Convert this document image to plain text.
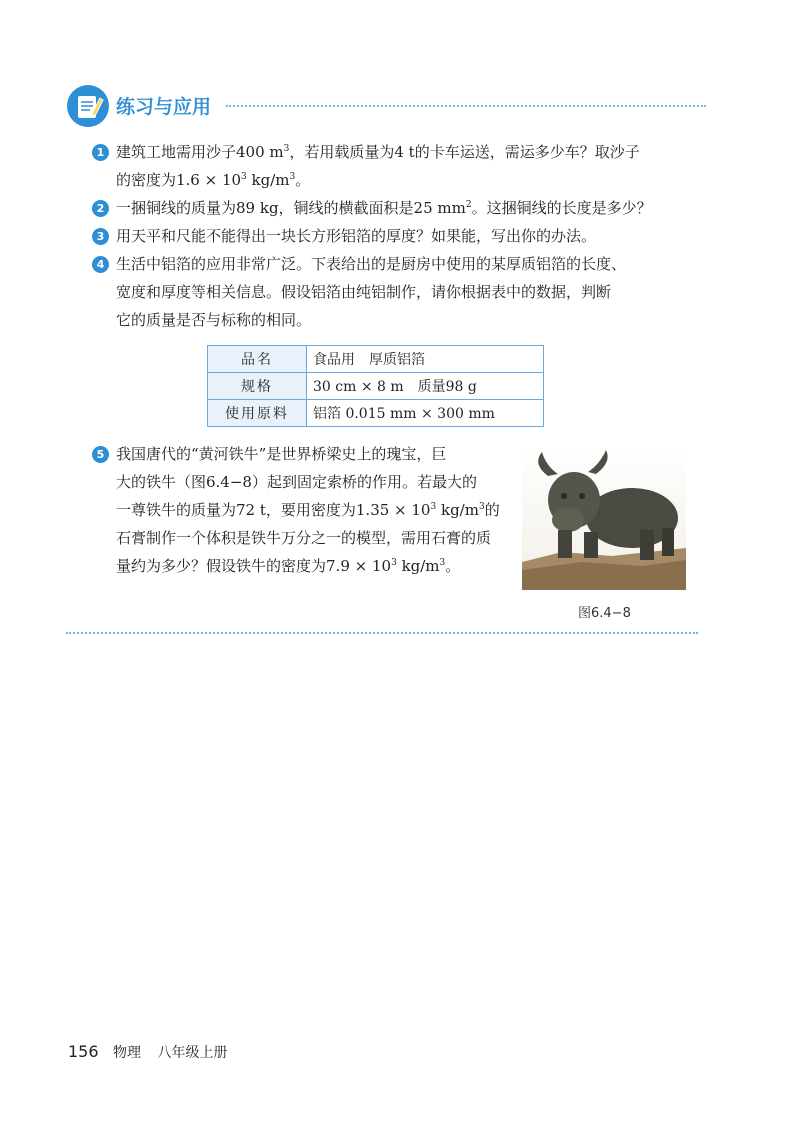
练习与应用
1 建筑工地需用沙子400 $m^3$，若用载质量为4 t的卡车运送，需运多少车？取沙子
的密度为$1.6 \times 10^3$ $kg/m^3$。
2 一捆铜线的质量为89 kg，铜线的横截面积是25 $mm^2$。这捆铜线的长度是多少？
3 用天平和尺能不能得出一块长方形铝箔的厚度？如果能，写出你的办法。
4 生活中铝箔的应用非常广泛。下表给出的是厨房中使用的某厚质铝箔的长度、
宽度和厚度等相关信息。假设铝箔由纯铝制作，请你根据表中的数据，判断
它的质量是否与标称的相同。
品名	食品用　厚质铝箔
规格	30 cm × 8 m　质量98 g
使用原料	铝箔 0.015 mm × 300 mm
5 我国唐代的“黄河铁牛”是世界桥梁史上的瑰宝，巨
大的铁牛（图6.4−8）起到固定索桥的作用。若最大的
一尊铁牛的质量为72 t，要用密度为$1.35 \times 10^3$ $kg/m^3$的
石膏制作一个体积是铁牛万分之一的模型，需用石膏的质
量约为多少？假设铁牛的密度为$7.9 \times 10^3$ $kg/m^3$。
图6.4−8
156 物理 八年级上册
